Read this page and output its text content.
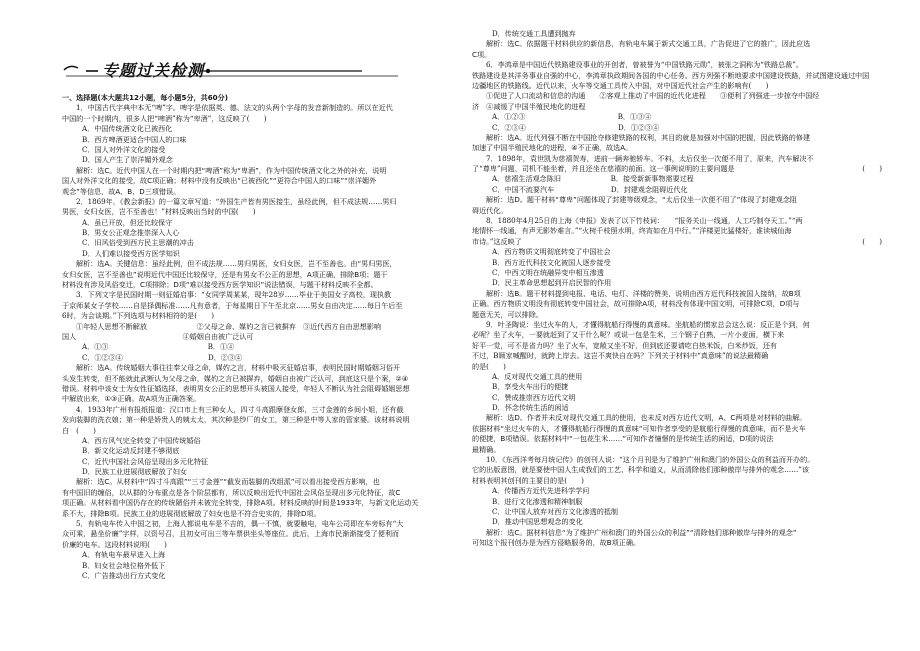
专题过关检测
一、选择题(本大题共12小题，每小题5分，共60分)
1．中国古代字典中本无“啤”字。啤字是依据英、德、法文的头两个字母的发音新制造的。所以在近代
中国的一个时期内，很多人把“啤酒”称为“卑酒”，这反映了(　　)
A．中国传统酒文化已被西化
B．西方啤酒更适合中国人的口味
C．国人对外洋文化的接受
D．国人产生了崇洋媚外观念
解析：选C。近代中国人在一个时期内把“啤酒”称为“卑酒”，作为中国传统酒文化之外的补充，说明
国人对外洋文化的接受，故C项正确；材料中没有反映出“已被西化”“更符合中国人的口味”“崇洋媚外
观念”等信息，故A、B、D三项错误。
2．1869年，《教会新报》的一篇文章写道：“外国生产皆有男医接生，虽经此例，但不成法规……男归
男医，女归女医，岂不至善也！”材料反映出当时的中国(　　)
A．虽已开放，但还比较保守
B．男女公正观念推崇深入人心
C．旧风俗受到西方民主思潮的冲击
D．人们难以接受西方医学知识
解析：选A。关键信息：虽经此例，但不成法规……男归男医，女归女医，岂不至善也。由“男归男医，
女归女医，岂不至善也”说明近代中国还比较保守，还是有男女不公正的思想，A项正确，排除B项；题干
材料没有涉及风俗变迁，C项排除；D项“难以接受西方医学知识”说法错误，与题干材料反映不全都。
3．下列文字是民国时期一则征婚启事：“女同学周某某，现年28岁……毕业于美国女子高校，现执教
于京师某女子学校……自是择偶标准……凡有意者，于每星期日下午至北京……男女自由决定……每日午后至
6时，为会谈期。”下列选项与材料相符的是(　　)
①年轻人思想不断解放　　　　　　　②父母之命、媒妁之言已被摒弃　③近代西方自由思想影响
国人　　　　　　　　　　　　　　　④婚姻自由被广泛认可
A．①③　　　　　　　　　　　　　　B．①④
C．①②③④　　　　　　　　　　　　D．②③④
解析：选A。传统婚姻大事往往奉父母之命，媒妁之言，材料中吸灭征婚启事，表明民国时期婚姻习俗开
头发生转变，但不能就此武断认为父母之命，媒妁之言已被摒弃，婚姻自由被广泛认可，到底这只是个案，②④
错误。材料中该女士为女性征婚选择，表明男女公正的思想开头被国人接受，年轻人不断认为社会阻碍婚姻思想
中解放出来，①③正确。故A项为正确答案。
4．1933年广州有报纸报道：汉口市上有三种女人，四寸斗高跟摩登女郎，三寸金莲的乡间小姐，还有截
发向装脚的洗衣娘；第一种是娇贵人的姨太太，其次种是纱厂的女工，第三种是中等人家的管家婆。该材料说明
白　(　　)
A．西方风气完全转变了中国传统婚俗
B．新文化运动反封建不够彻底
C．近代中国社会风俗呈现出多元化特征
D．民族工业进展彻底解放了妇女
解析：选C。从材料中“四寸斗高跟”“三寸金莲”“截发而装脚的改组派”可以看出接受西方影响，也
有中国旧的缠俗，以从群的分布重点是各个阶层都有，所以反映出近代中国社会风俗呈现出多元化特征，故C
项正确。从材料看中国仍存在的传统陋俗并未被完全转变，排除A项。材料反映的时间是1933年，与新文化运动关
系不大，排除B项。民族工业的进展彻底解放了妇女也是不符合史实的，排除D项。
5．有轨电车传入中国之初，上海人都说电车是不吉的，偶一不慎，就要触电，电车公司即在车旁标有“大
众可乘，悬坐价廉”字样，以资号召，且初女可出三等车票供坐头等座位。此后，上海市民渐渐接受了便利而
价廉的电车。这段材料说明(　　)
A．有轨电车最早进入上海
B．妇女社会地位格外低下
C．广告推动出行方式变化
D．传统交通工具遭到抛弃
解析：选C。依据题干材料供应的新信息，有轨电车属于新式交通工具，广告促进了它的推广，因此应选
C项。
6．李鸿章是中国近代铁路建设事业的开创者，曾被誉为“中国铁路元勋”，被张之洞称为“铁路总裁”。
铁路建设是其洋务事业自强的中心，李鸿章执政期间各国的中心任务。西方列强不断地要求中国建设铁路，并试图建设通过中国
边疆地区的铁路线。近代以来，火车等交通工具传入中国，对中国近代社会产生的影响有(　　)
①促进了人口流动和信息的沟通　　②客观上推动了中国的近代化进程　　③便利了列强进一步掠夺中国经
济　④减缓了中国半殖民地化的进程
A．①②③　　　　　　　　　　　　　B．①③④
C．②③④　　　　　　　　　　　　　D．①②③④
解析：选A。近代列强不断在中国抢夺修建铁路的权利，其目的就是加强对中国的把握，因此铁路的修建
加速了中国半殖民地化的进程，④不正确，故选A。
7．1898年，袁世凯为慈禧贺寿，进前一辆奔驰轿车。不料，太后仅坐一次便不用了，原来，汽车解决不
(　　)
了“尊卑”问题，司机不能坐着，并且还坐在慈禧的前面。这一事例说明的主要问题是
A．慈禧生活观念陈旧　　　　　　　B．接受新新事物需要过程
C．中国不流要汽车　　　　　　　　D．封建观念阻碍近代化
解析：选D。题干材料“尊卑”问题体现了封建等级观念，“太后仅坐一次便不用了”体现了封建观念阻
碍近代化。
8．1880年4月25日的上海《申报》发表了以下竹枝词：　　“报务关山一线通，人工巧制夺天工。”“两
地情怀一线通，有声无影妙难言。”“火树千枝照水明，终宵如在月中行。”“洋楼更比猛楼好，谁读城仙海
(　　)
市诗。”这反映了
A．西方物质文明彻底转变了中国社会
B．西方近代科技文化被国人逐步接受
C．中西文明在统融异变中相互渗透
D．民主革命思想起到开启民智的作用
解析：选B。题干材料提到电报、电话、电灯、洋楼的赞美，说明由西方近代科技被国人接纳，故B项
正确。西方物质文明没有彻底转变中国社会，故可排除A项，材料没有体现中国文明，可排除C项，D项与
题意无关，可以排除。
9．叶圣陶说：坐过火车的人，才懂得航船行得慢的真意味。坐航船的惯家总会这么说：反正是个到，何
必呢？坐了火车，一要就赶到了又干什么呢？或说一包是生米，三个钢子白熟，一片小麦面，横下来
好平一觉，可不是省力吗？坐了火车，宽敞又坐不好，但到底还要请吃白热米饭，白米炒饭，还有
不过，B顾家喊醒时，就跨上岸去。这岂不爽快自在吗？下列关于材料中“真意味”的说法最精确
的是(　　)
A．反对现代交通工具的使用
B．享受火车出行的便捷
C．赞成推崇西方近代文明
D．怀念传统生活的闲适
解析：选D。作者并未反对现代交通工具的使用，也未反对西方近代文明，A、C两项是对材料的曲解。
依据材料“坐过火车的人，才懂得航船行得慢的真意味”可知作者享受的是航船行得慢的真意味，而不是火车
的便捷，B项错误。依据材料中“一包花生米……”可知作者憧憬的是传统生活的闲适，D项的说法
最精确。
10．《东西洋考每月统记传》的创刊人说：“这个月刊是为了维护广州和澳门的外国公众的利益而开办的。
它的出版意图，就是要使中国人生成我们的工艺、科学和道义，从而清除他们那种傲岸与排外的观念……”该
材料表明其创刊的主要目的是(　　)
A．传播西方近代先进科学学问
B．进行文化渗透和精神制服
C．让中国人放弃对西方文化渗透的抵制
D．推动中国思想观念的变化
解析：选C。据材料信息“为了维护广州和澳门的外国公众的利益”“清除他们那种傲岸与排外的观念”
可知这个报刊创办是为西方侵略服务的，故B项正确。
